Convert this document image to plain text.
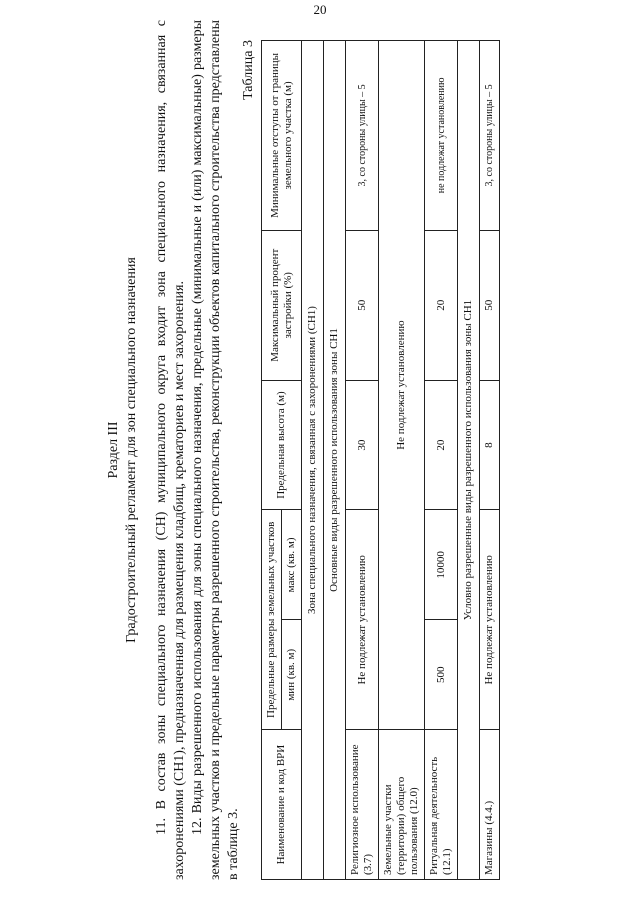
20
Раздел III Градостроительный регламент для зон специального назначения 11. В состав зоны специального назначения (СН) муниципального округа входит зона специального назначения, связанная с захоронениями (СН1), предназначенная для размещения кладбищ, крематориев и мест захоронения. 12. Виды разрешенного использования для зоны специального назначения, предельные (минимальные и (или) максимальные) размеры земельных участков и предельные параметры разрешенного строительства, реконструкции объектов капитального строительства представлены в таблице 3.

Таблица 3
Наименование и код ВРИ	Предельные размеры земельных участков		Предельная высота (м)	Максимальный процент застройки (%)	Минимальные отступы от границы земельного участка (м)
	мин (кв. м)	макс (кв. м)			
Зона специального назначения, связанная с захоронениями (СН1)					
Основные виды разрешенного использования зоны СН1					
Религиозное использование (3.7)	Не подлежат установлению		30	50	3, со стороны улицы – 5
Земельные участки (территории) общего пользования (12.0)	Не подлежат установлению				
Ритуальная деятельность (12.1)	500	10000	20	20	не подлежат установлению
Условно разрешенные виды разрешенного использования зоны СН1					
Магазины (4.4.)	Не подлежат установлению		8	50	3, со стороны улицы – 5
